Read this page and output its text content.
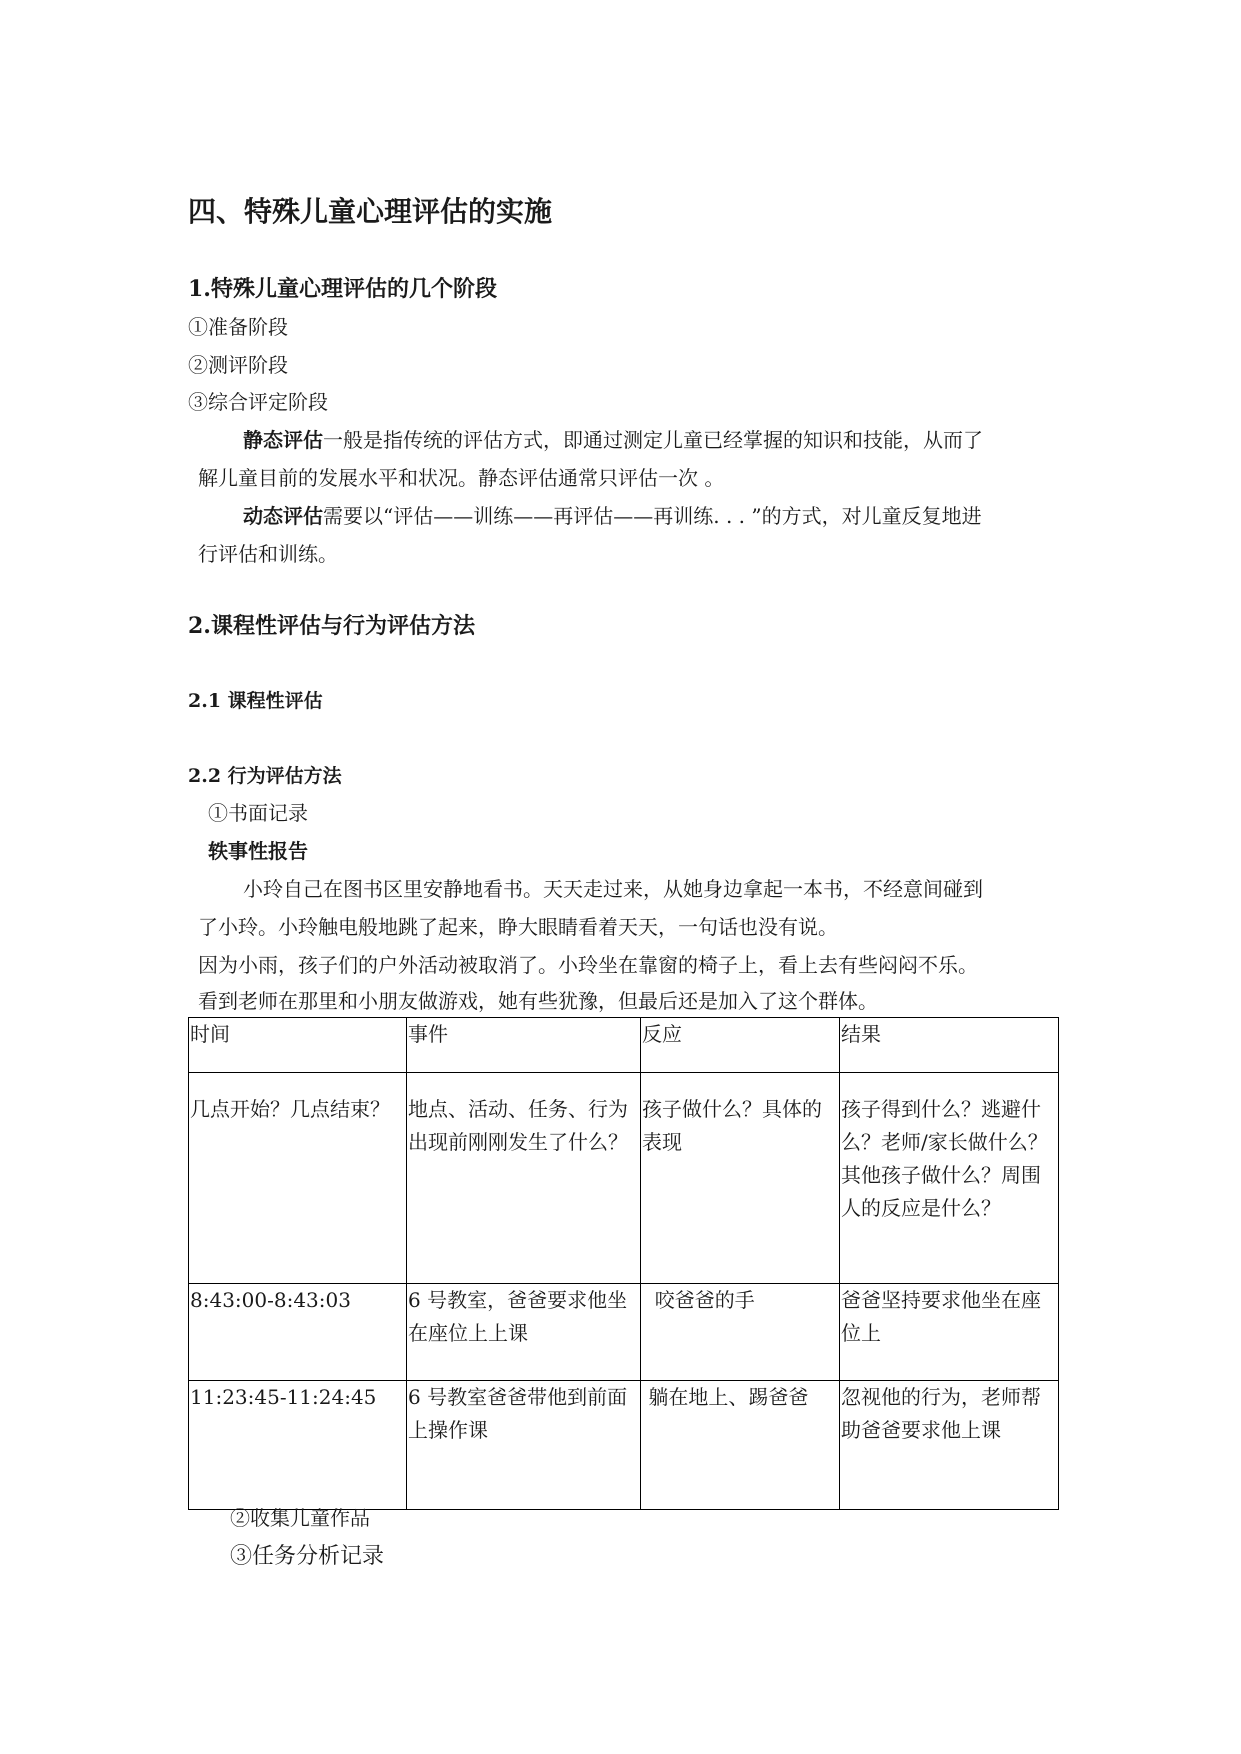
四、特殊儿童心理评估的实施
1.特殊儿童心理评估的几个阶段
①准备阶段
②测评阶段
③综合评定阶段
静态评估一般是指传统的评估方式，即通过测定儿童已经掌握的知识和技能，从而了
解儿童目前的发展水平和状况。静态评估通常只评估一次 。
动态评估需要以“评估——训练——再评估——再训练. . . ”的方式，对儿童反复地进
行评估和训练。
2.课程性评估与行为评估方法
2.1 课程性评估
2.2 行为评估方法
①书面记录
轶事性报告
小玲自己在图书区里安静地看书。天天走过来，从她身边拿起一本书，不经意间碰到
了小玲。小玲触电般地跳了起来，睁大眼睛看着天天，一句话也没有说。
因为小雨，孩子们的户外活动被取消了。小玲坐在靠窗的椅子上，看上去有些闷闷不乐。
看到老师在那里和小朋友做游戏，她有些犹豫，但最后还是加入了这个群体。
时间	事件	反应	结果
几点开始？几点结束？	地点、活动、任务、行为出现前刚刚发生了什么？	孩子做什么？具体的表现	孩子得到什么？逃避什么？老师/家长做什么？其他孩子做什么？周围人的反应是什么？
8:43:00-8:43:03	6 号教室，爸爸要求他坐在座位上上课	咬爸爸的手	爸爸坚持要求他坐在座位上
11:23:45-11:24:45	6 号教室爸爸带他到前面上操作课	躺在地上、踢爸爸	忽视他的行为，老师帮助爸爸要求他上课
②收集儿童作品
③任务分析记录
